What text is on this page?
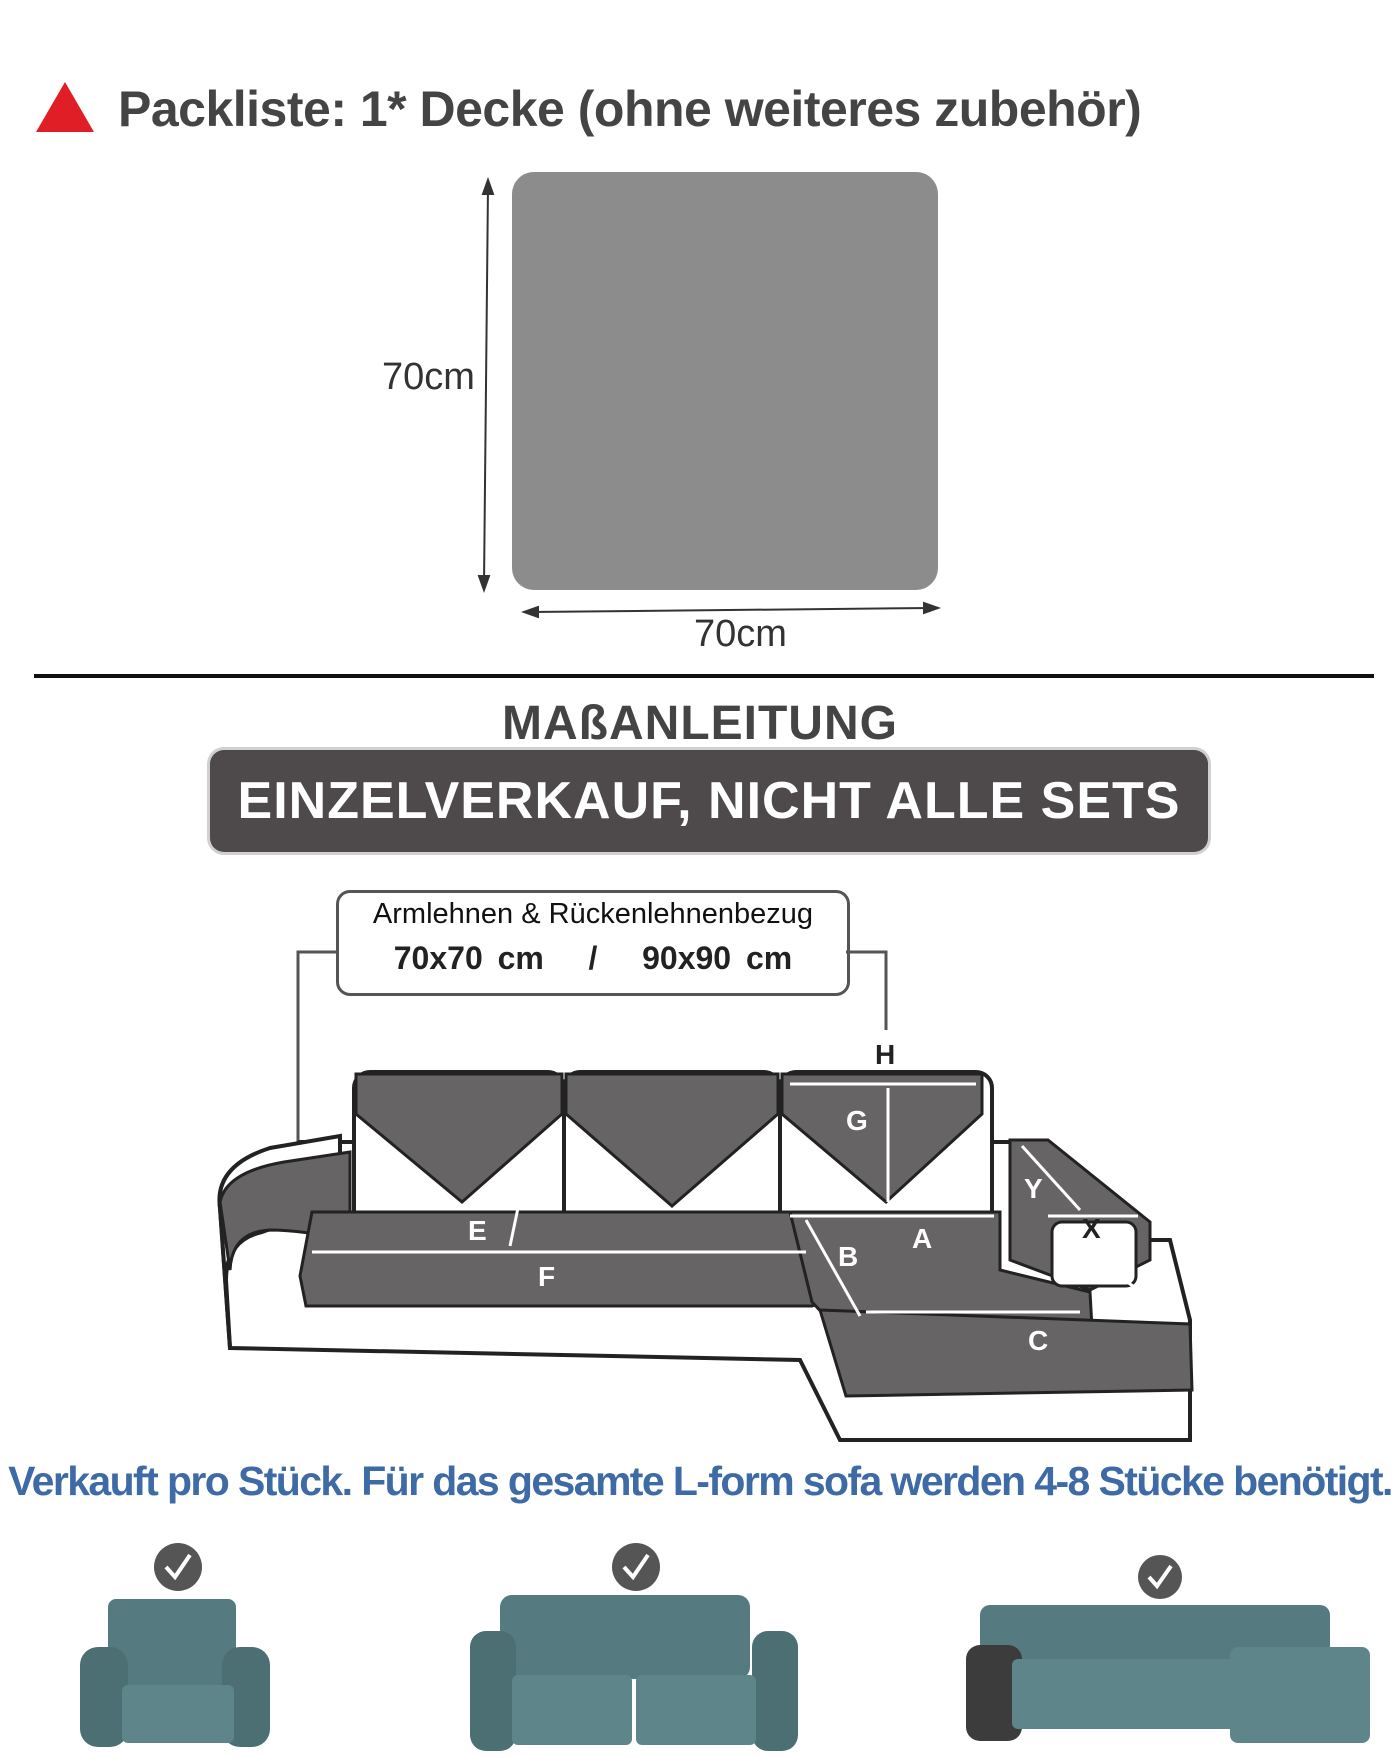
Packliste: 1* Decke (ohne weiteres zubehör)
70cm
70cm
MAßANLEITUNG
EINZELVERKAUF, NICHT ALLE SETS
Armlehnen & Rückenlehnenbezug
70x70 cm / 90x90 cm
E
F
G
H
A
B
C
D
X
Y
Verkauft pro Stück. Für das gesamte L-form sofa werden 4-8 Stücke benötigt.
